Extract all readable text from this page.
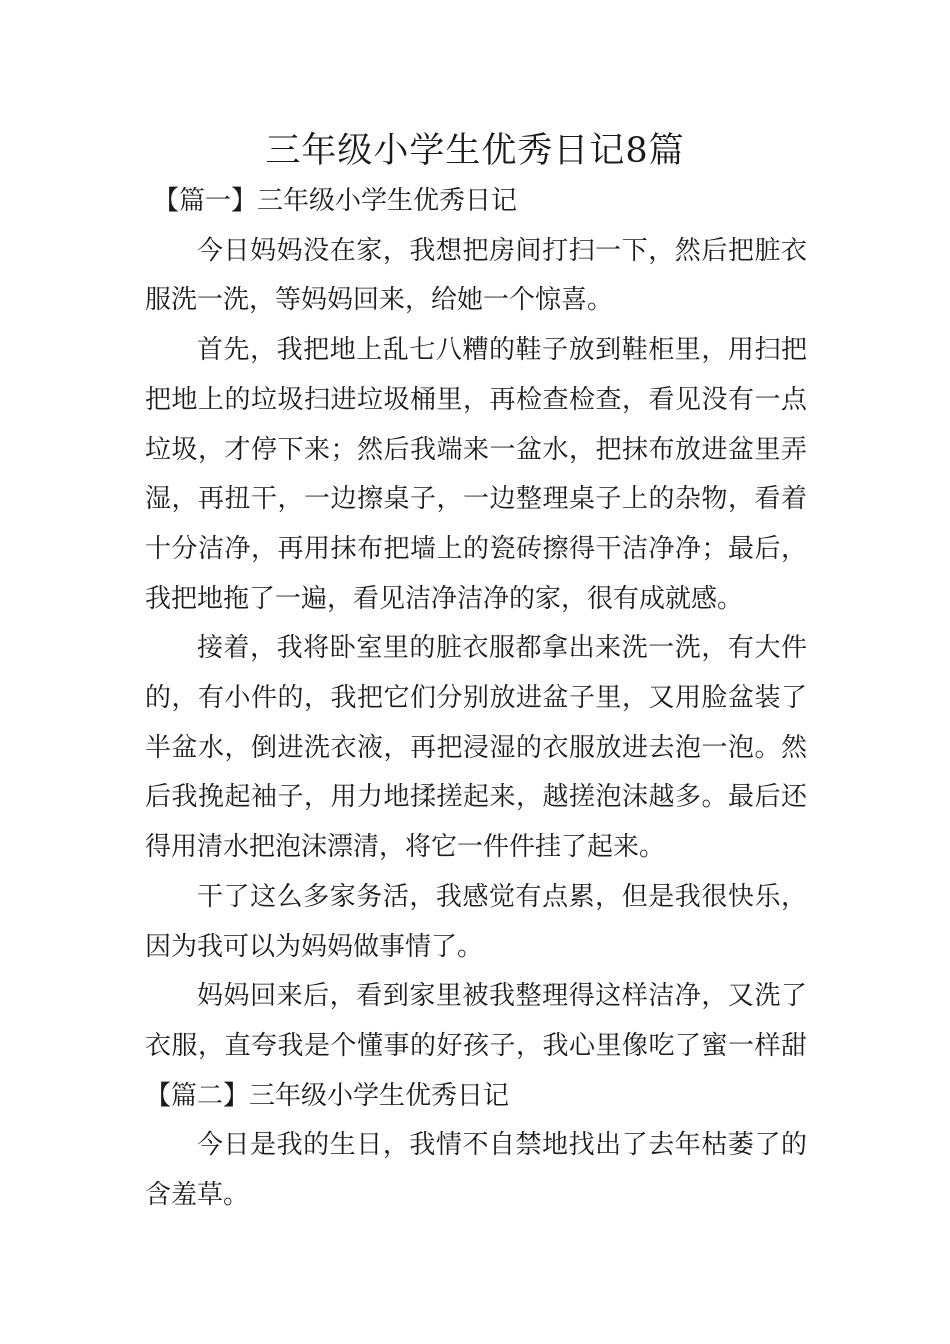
三年级小学生优秀日记8篇
【篇一】三年级小学生优秀日记

今日妈妈没在家，我想把房间打扫一下，然后把脏衣服洗一洗，等妈妈回来，给她一个惊喜。

首先，我把地上乱七八糟的鞋子放到鞋柜里，用扫把把地上的垃圾扫进垃圾桶里，再检查检查，看见没有一点垃圾，才停下来；然后我端来一盆水，把抹布放进盆里弄湿，再扭干，一边擦桌子，一边整理桌子上的杂物，看着十分洁净，再用抹布把墙上的瓷砖擦得干洁净净；最后，我把地拖了一遍，看见洁净洁净的家，很有成就感。

接着，我将卧室里的脏衣服都拿出来洗一洗，有大件的，有小件的，我把它们分别放进盆子里，又用脸盆装了半盆水，倒进洗衣液，再把浸湿的衣服放进去泡一泡。然后我挽起袖子，用力地揉搓起来，越搓泡沫越多。最后还得用清水把泡沫漂清，将它一件件挂了起来。

干了这么多家务活，我感觉有点累，但是我很快乐，因为我可以为妈妈做事情了。

妈妈回来后，看到家里被我整理得这样洁净，又洗了衣服，直夸我是个懂事的好孩子，我心里像吃了蜜一样甜

【篇二】三年级小学生优秀日记

今日是我的生日，我情不自禁地找出了去年枯萎了的含羞草。
